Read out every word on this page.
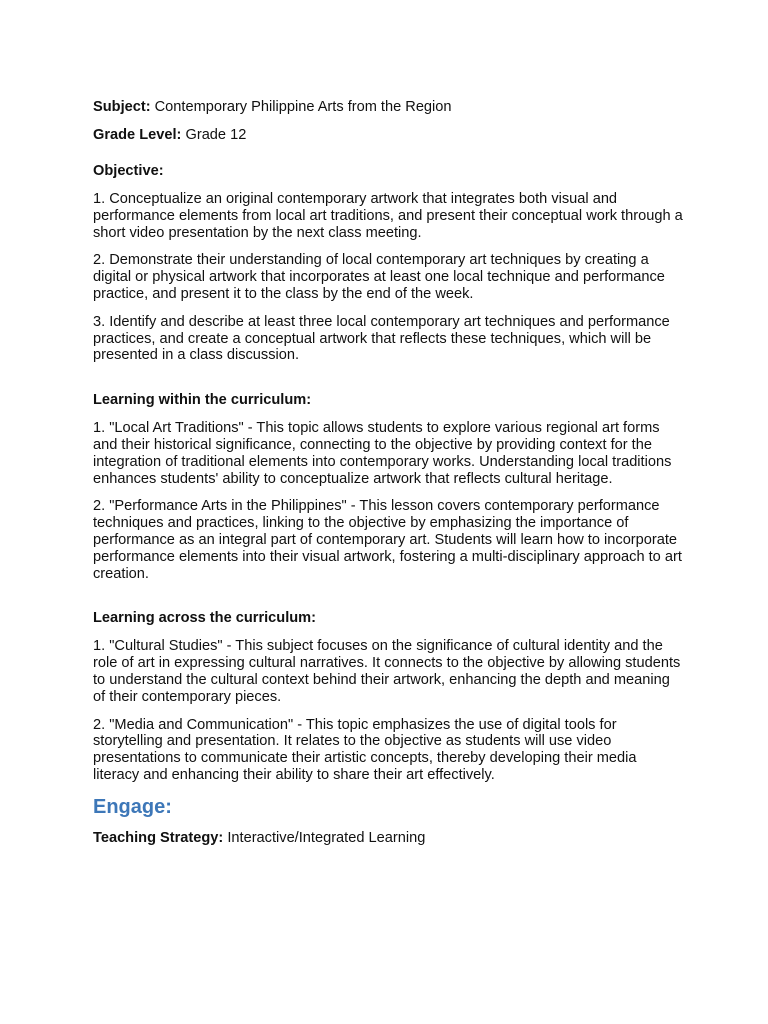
Subject: Contemporary Philippine Arts from the Region

Grade Level: Grade 12

Objective:

1. Conceptualize an original contemporary artwork that integrates both visual and performance elements from local art traditions, and present their conceptual work through a short video presentation by the next class meeting.

2. Demonstrate their understanding of local contemporary art techniques by creating a digital or physical artwork that incorporates at least one local technique and performance practice, and present it to the class by the end of the week.

3. Identify and describe at least three local contemporary art techniques and performance practices, and create a conceptual artwork that reflects these techniques, which will be presented in a class discussion.

Learning within the curriculum:

1. "Local Art Traditions" - This topic allows students to explore various regional art forms and their historical significance, connecting to the objective by providing context for the integration of traditional elements into contemporary works. Understanding local traditions enhances students' ability to conceptualize artwork that reflects cultural heritage.

2. "Performance Arts in the Philippines" - This lesson covers contemporary performance techniques and practices, linking to the objective by emphasizing the importance of performance as an integral part of contemporary art. Students will learn how to incorporate performance elements into their visual artwork, fostering a multi-disciplinary approach to art creation.

Learning across the curriculum:

1. "Cultural Studies" - This subject focuses on the significance of cultural identity and the role of art in expressing cultural narratives. It connects to the objective by allowing students to understand the cultural context behind their artwork, enhancing the depth and meaning of their contemporary pieces.

2. "Media and Communication" - This topic emphasizes the use of digital tools for storytelling and presentation. It relates to the objective as students will use video presentations to communicate their artistic concepts, thereby developing their media literacy and enhancing their ability to share their art effectively.

Engage:

Teaching Strategy: Interactive/Integrated Learning
